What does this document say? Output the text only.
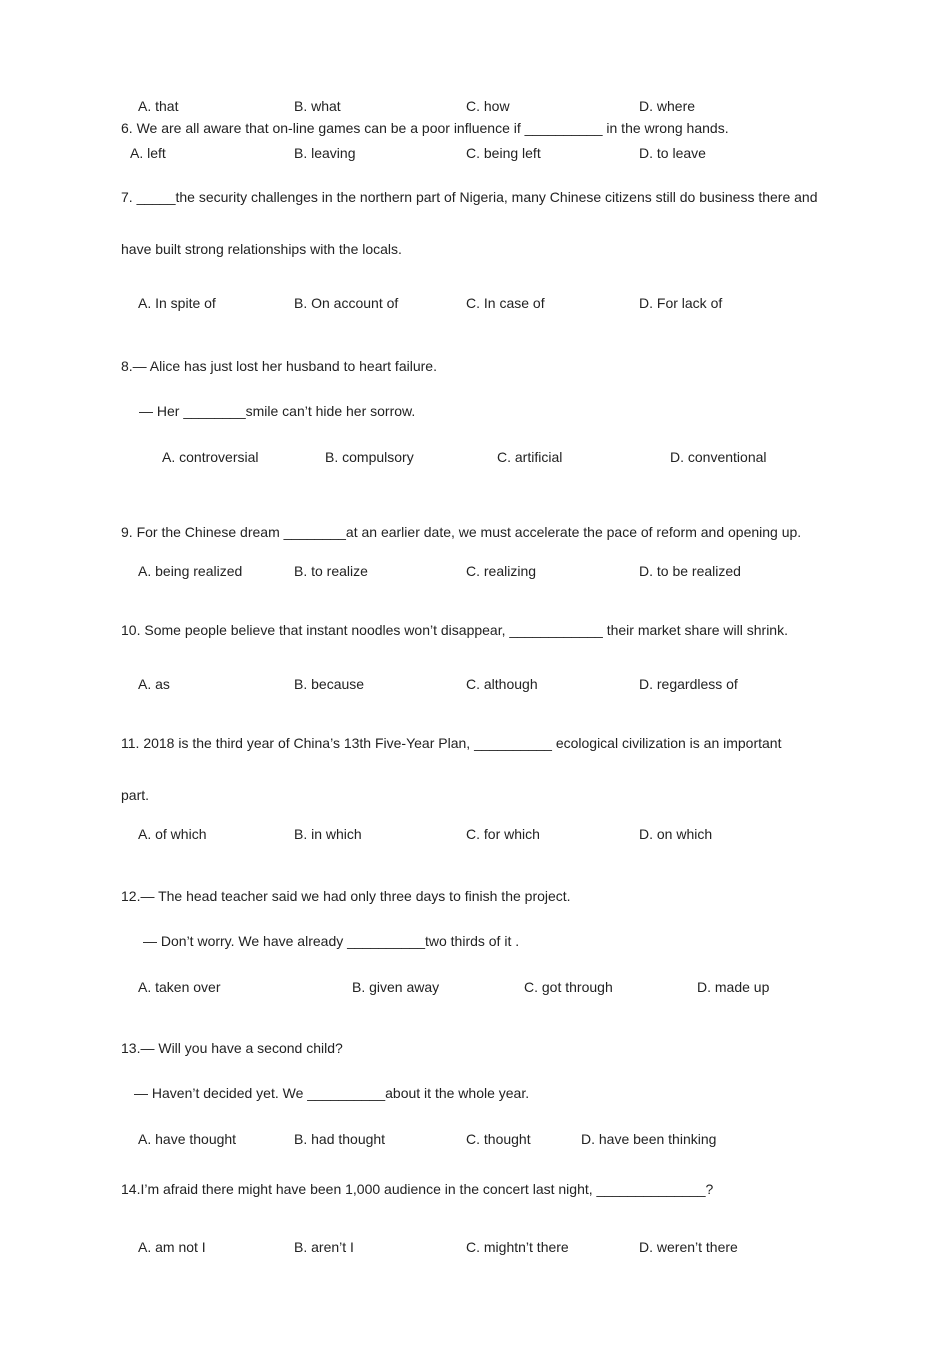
A. that	B. what	C. how	D. where
6. We are all aware that on-line games can be a poor influence if __________ in the wrong hands.
A. left	B. leaving	C. being left	D. to leave
7. _____the security challenges in the northern part of Nigeria, many Chinese citizens still do business there and
have built strong relationships with the locals.
A. In spite of	B. On account of	C. In case of	D. For lack of
8.— Alice has just lost her husband to heart failure.
— Her ________smile can’t hide her sorrow.
A. controversial	B. compulsory	C. artificial	D. conventional
9. For the Chinese dream ________at an earlier date, we must accelerate the pace of reform and opening up.
A. being realized	B. to realize	C. realizing	D. to be realized
10. Some people believe that instant noodles won’t disappear, ____________ their market share will shrink.
A. as	B. because	C. although	D. regardless of
11. 2018 is the third year of China’s 13th Five-Year Plan, __________ ecological civilization is an important
part.
A. of which	B. in which	C. for which	D. on which
12.— The head teacher said we had only three days to finish the project.
— Don’t worry. We have already __________two thirds of it .
A. taken over	B. given away	C. got through	D. made up
13.— Will you have a second child?
— Haven’t decided yet. We __________about it the whole year.
A. have thought	B. had thought	C. thought	D. have been thinking
14.I’m afraid there might have been 1,000 audience in the concert last night, ______________?
A. am not I	B. aren’t I	C. mightn’t there	D. weren’t there
